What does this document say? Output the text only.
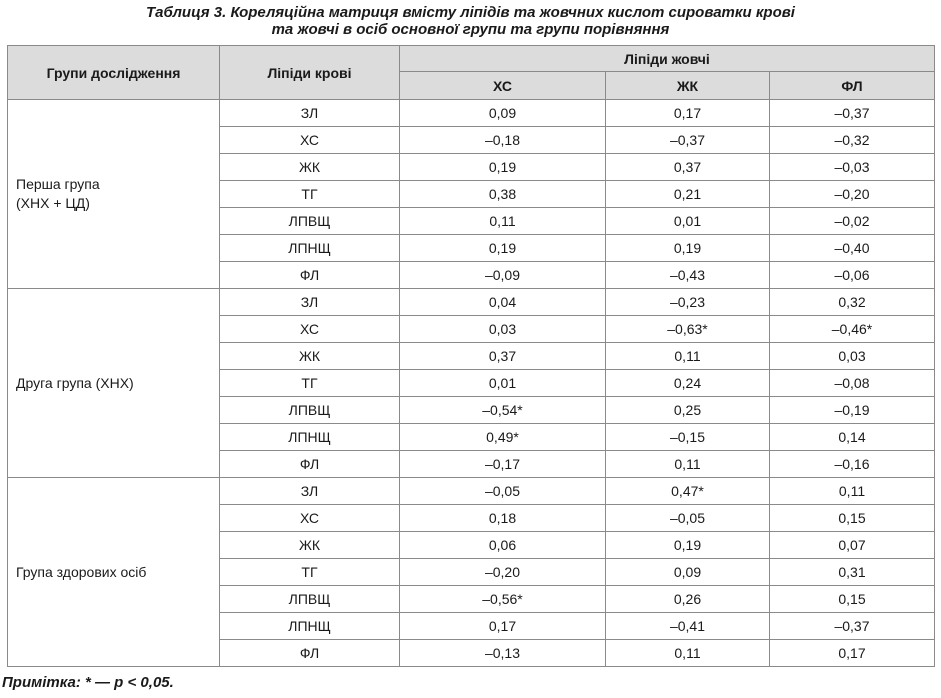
Таблиця 3. Кореляційна матриця вмісту ліпідів та жовчних кислот сироватки крові
та жовчі в осіб основної групи та групи порівняння
Групи дослідження	Ліпіди крові	Ліпіди жовчі		
		ХС	ЖК	ФЛ

Перша група
(ХНХ + ЦД)	ЗЛ	0,09	0,17	–0,37
	ХС	–0,18	–0,37	–0,32
	ЖК	0,19	0,37	–0,03
	ТГ	0,38	0,21	–0,20
	ЛПВЩ	0,11	0,01	–0,02
	ЛПНЩ	0,19	0,19	–0,40
	ФЛ	–0,09	–0,43	–0,06

Друга група (ХНХ)	ЗЛ	0,04	–0,23	0,32
	ХС	0,03	–0,63*	–0,46*
	ЖК	0,37	0,11	0,03
	ТГ	0,01	0,24	–0,08
	ЛПВЩ	–0,54*	0,25	–0,19
	ЛПНЩ	0,49*	–0,15	0,14
	ФЛ	–0,17	0,11	–0,16

Група здорових осіб	ЗЛ	–0,05	0,47*	0,11
	ХС	0,18	–0,05	0,15
	ЖК	0,06	0,19	0,07
	ТГ	–0,20	0,09	0,31
	ЛПВЩ	–0,56*	0,26	0,15
	ЛПНЩ	0,17	–0,41	–0,37
	ФЛ	–0,13	0,11	0,17
Примітка: * — p < 0,05.
